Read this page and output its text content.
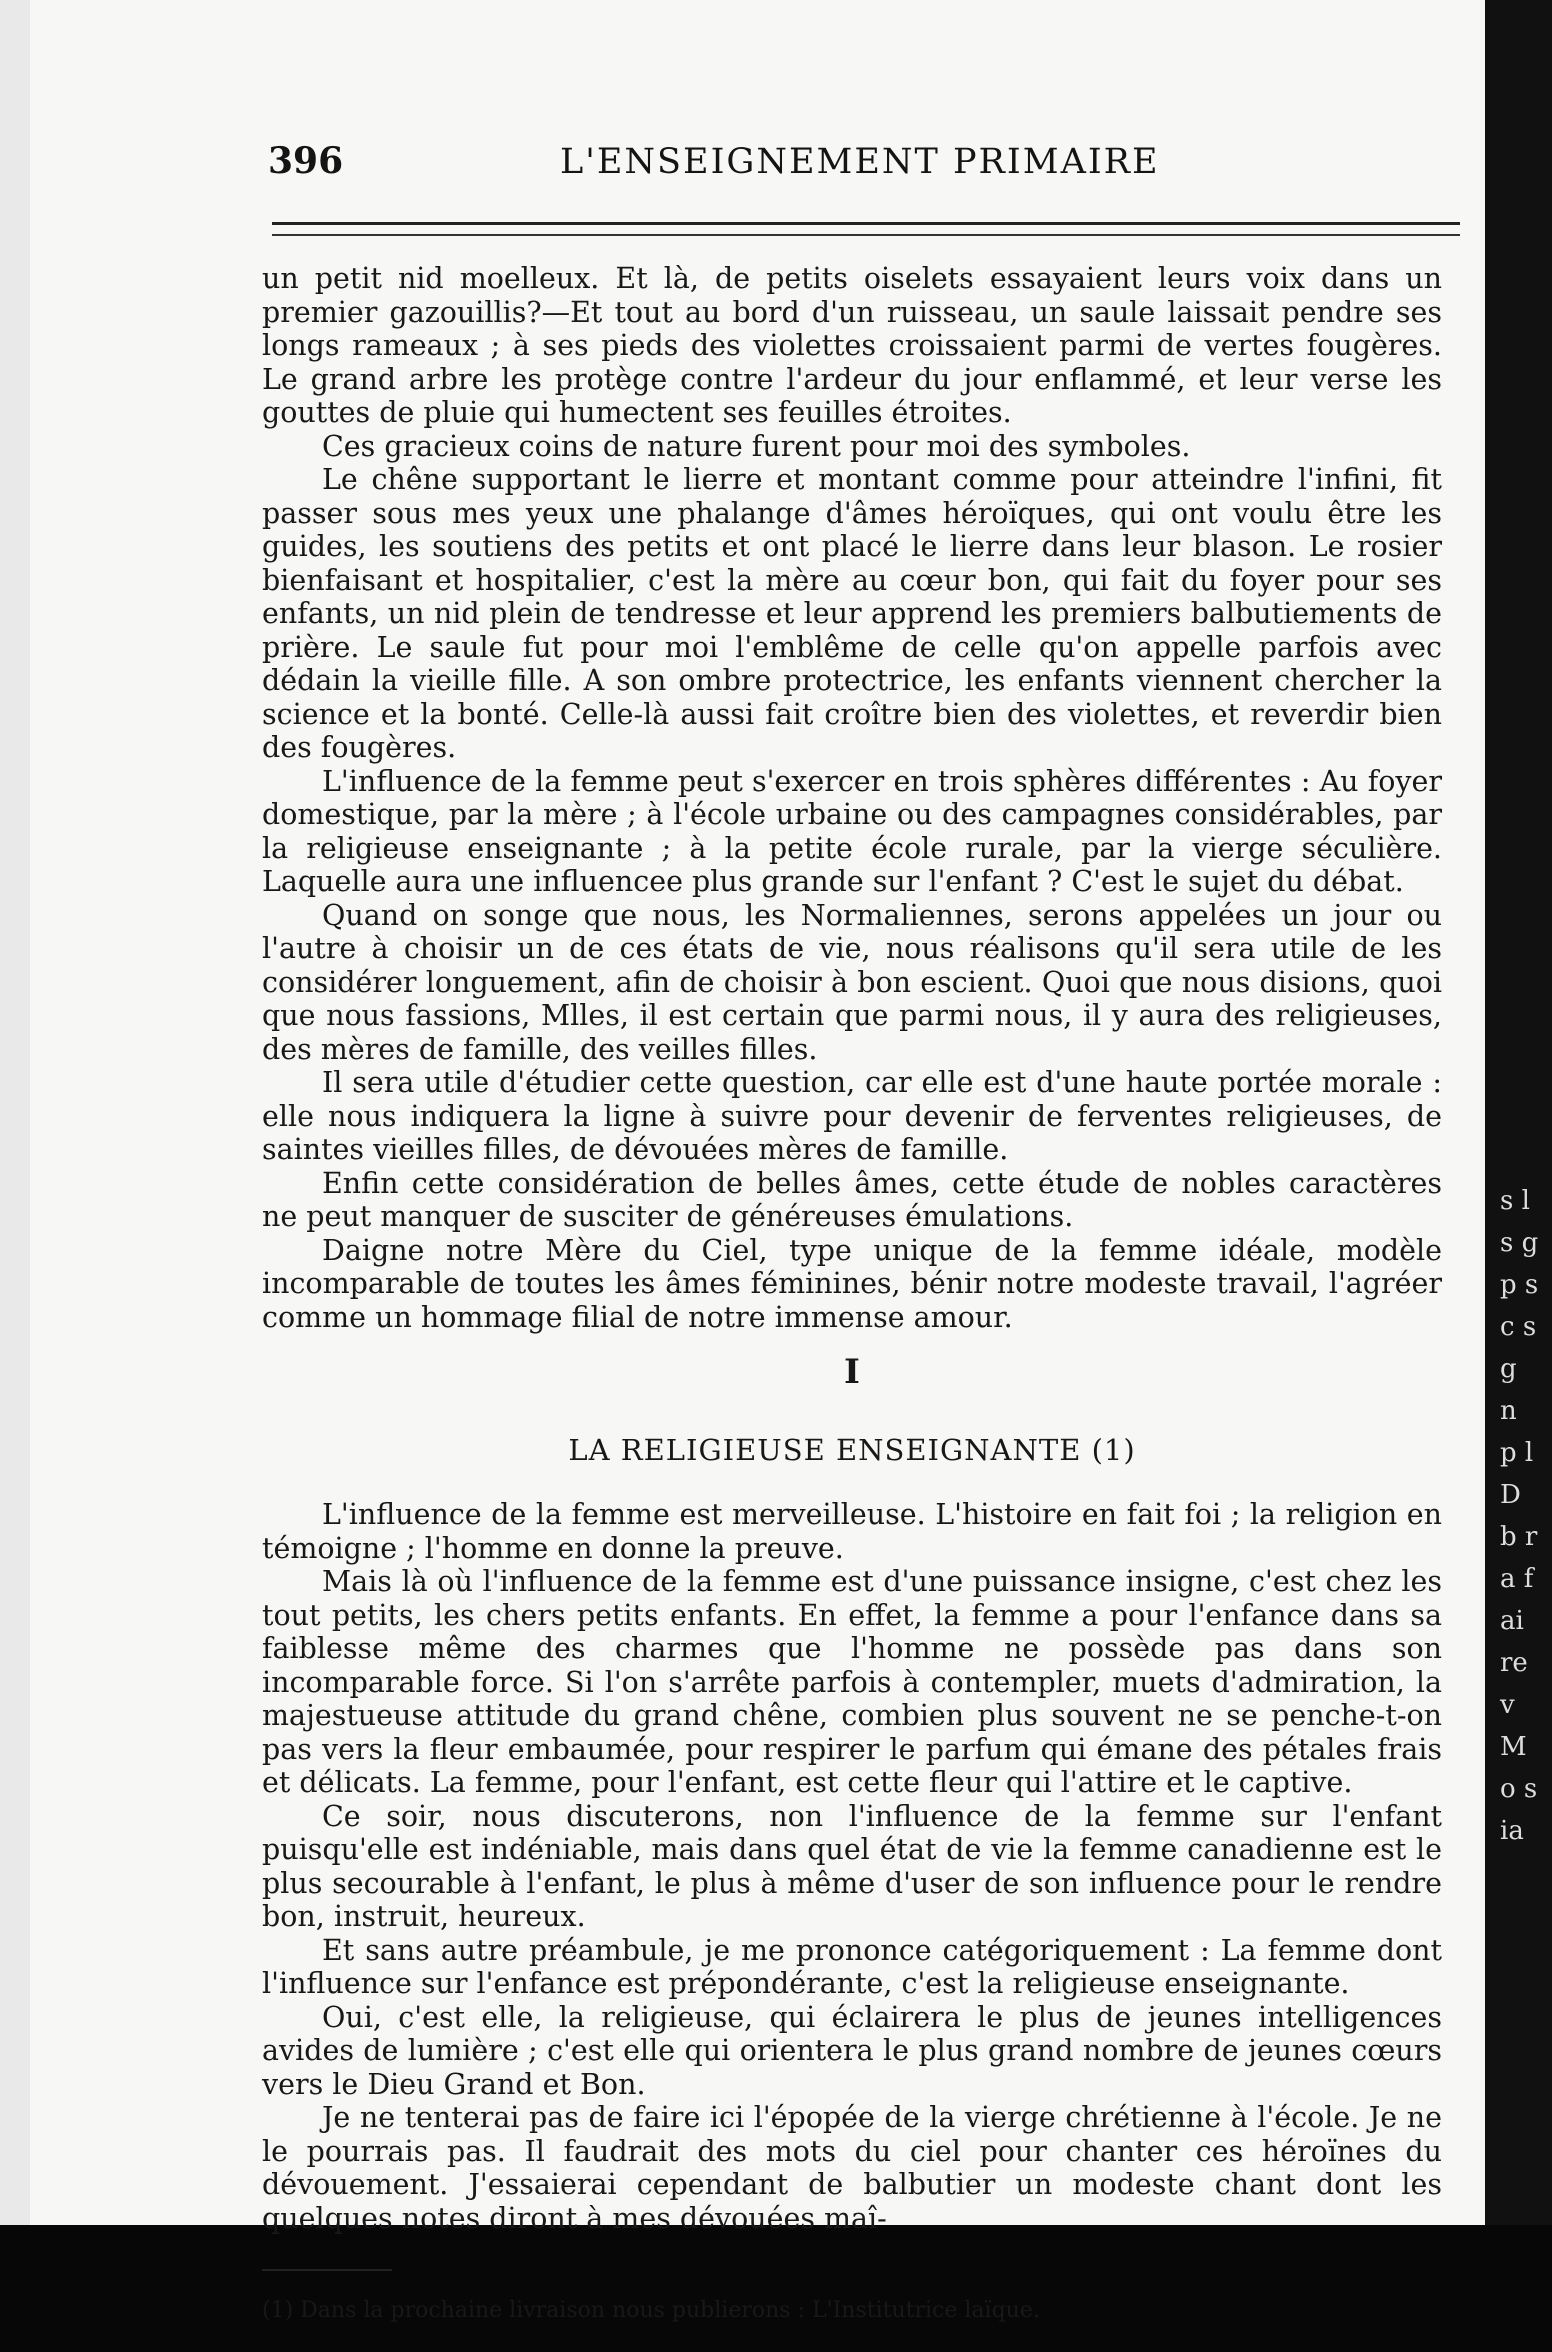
s l s g p s c s g n p l D b ra fai rev Mo sia
396	L'ENSEIGNEMENT PRIMAIRE

un petit nid moelleux. Et là, de petits oiselets essayaient leurs voix dans un premier gazouillis?—Et tout au bord d'un ruisseau, un saule laissait pendre ses longs rameaux ; à ses pieds des violettes croissaient parmi de vertes fougères. Le grand arbre les protège contre l'ardeur du jour enflammé, et leur verse les gouttes de pluie qui humectent ses feuilles étroites.

Ces gracieux coins de nature furent pour moi des symboles.

Le chêne supportant le lierre et montant comme pour atteindre l'infini, fit passer sous mes yeux une phalange d'âmes héroïques, qui ont voulu être les guides, les soutiens des petits et ont placé le lierre dans leur blason. Le rosier bienfaisant et hospitalier, c'est la mère au cœur bon, qui fait du foyer pour ses enfants, un nid plein de tendresse et leur apprend les premiers balbutiements de prière. Le saule fut pour moi l'emblême de celle qu'on appelle parfois avec dédain la vieille fille. A son ombre protectrice, les enfants viennent chercher la science et la bonté. Celle-là aussi fait croître bien des violettes, et reverdir bien des fougères.

L'influence de la femme peut s'exercer en trois sphères différentes : Au foyer domestique, par la mère ; à l'école urbaine ou des campagnes considérables, par la religieuse enseignante ; à la petite école rurale, par la vierge séculière. Laquelle aura une influencee plus grande sur l'enfant ? C'est le sujet du débat.

Quand on songe que nous, les Normaliennes, serons appelées un jour ou l'autre à choisir un de ces états de vie, nous réalisons qu'il sera utile de les considérer longuement, afin de choisir à bon escient. Quoi que nous disions, quoi que nous fassions, Mlles, il est certain que parmi nous, il y aura des religieuses, des mères de famille, des veilles filles.

Il sera utile d'étudier cette question, car elle est d'une haute portée morale : elle nous indiquera la ligne à suivre pour devenir de ferventes religieuses, de saintes vieilles filles, de dévouées mères de famille.

Enfin cette considération de belles âmes, cette étude de nobles caractères ne peut manquer de susciter de généreuses émulations.

Daigne notre Mère du Ciel, type unique de la femme idéale, modèle incomparable de toutes les âmes féminines, bénir notre modeste travail, l'agréer comme un hommage filial de notre immense amour.

I
LA RELIGIEUSE ENSEIGNANTE (1)

L'influence de la femme est merveilleuse. L'histoire en fait foi ; la religion en témoigne ; l'homme en donne la preuve.

Mais là où l'influence de la femme est d'une puissance insigne, c'est chez les tout petits, les chers petits enfants. En effet, la femme a pour l'enfance dans sa faiblesse même des charmes que l'homme ne possède pas dans son incomparable force. Si l'on s'arrête parfois à contempler, muets d'admiration, la majestueuse attitude du grand chêne, combien plus souvent ne se penche-t-on pas vers la fleur embaumée, pour respirer le parfum qui émane des pétales frais et délicats. La femme, pour l'enfant, est cette fleur qui l'attire et le captive.

Ce soir, nous discuterons, non l'influence de la femme sur l'enfant puisqu'elle est indéniable, mais dans quel état de vie la femme canadienne est le plus secourable à l'enfant, le plus à même d'user de son influence pour le rendre bon, instruit, heureux.

Et sans autre préambule, je me prononce catégoriquement : La femme dont l'influence sur l'enfance est prépondérante, c'est la religieuse enseignante.

Oui, c'est elle, la religieuse, qui éclairera le plus de jeunes intelligences avides de lumière ; c'est elle qui orientera le plus grand nombre de jeunes cœurs vers le Dieu Grand et Bon.

Je ne tenterai pas de faire ici l'épopée de la vierge chrétienne à l'école. Je ne le pourrais pas. Il faudrait des mots du ciel pour chanter ces héroïnes du dévouement. J'essaierai cependant de balbutier un modeste chant dont les quelques notes diront à mes dévouées maî-

(1) Dans la prochaine livraison nous publierons : L'Institutrice laïque.
